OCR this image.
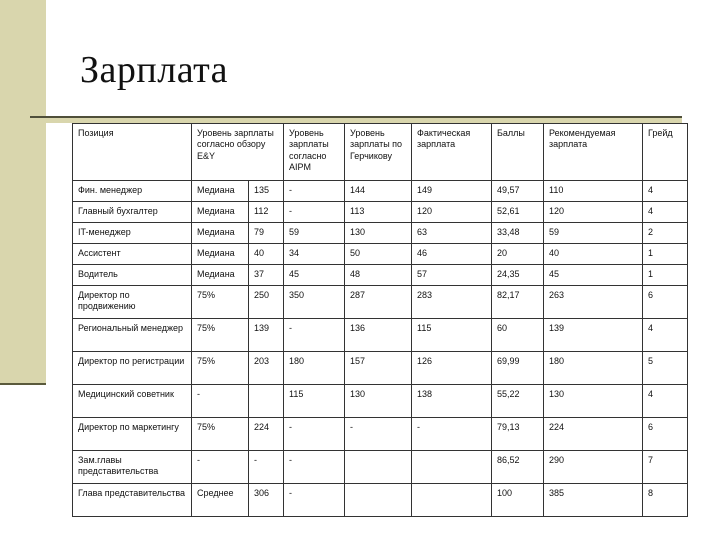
Зарплата
Позиция	Уровень зарплаты согласно обзору E&Y		Уровень зарплаты согласно AIPM	Уровень зарплаты по Герчикову	Фактическая зарплата	Баллы	Рекомендуемая зарплата	Грейд
Фин. менеджер	Медиана	135	-	144	149	49,57	110	4
Главный бухгалтер	Медиана	112	-	113	120	52,61	120	4
IT-менеджер	Медиана	79	59	130	63	33,48	59	2
Ассистент	Медиана	40	34	50	46	20	40	1
Водитель	Медиана	37	45	48	57	24,35	45	1
Директор по продвижению	75%	250	350	287	283	82,17	263	6
Региональный менеджер	75%	139	-	136	115	60	139	4
Директор по регистрации	75%	203	180	157	126	69,99	180	5
Медицинский советник	-		115	130	138	55,22	130	4
Директор по маркетингу	75%	224	-	-	-	79,13	224	6
Зам.главы представительства	-	-	-			86,52	290	7
Глава представительства	Среднее	306	-			100	385	8
